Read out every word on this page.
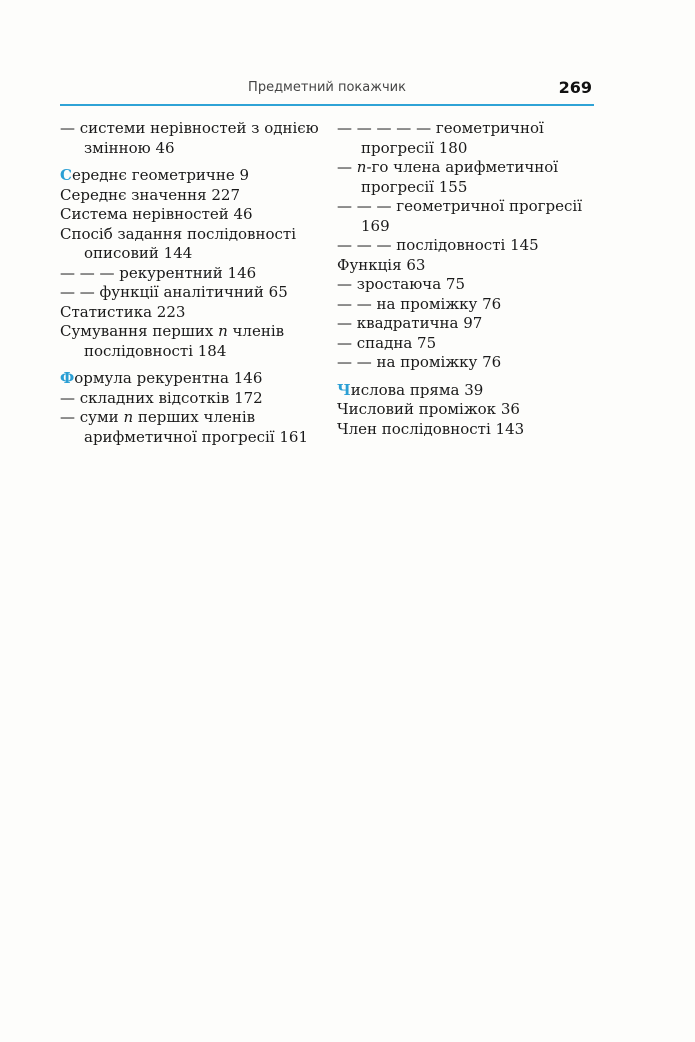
Предметний покажчик	269
— системи нерівностей з однією змінною 46
Середнє геометричне 9
Середнє значення 227
Система нерівностей 46
Спосіб задання послідовності описовий 144
— — — рекурентний 146
— — функції аналітичний 65
Статистика 223
Сумування перших n членів послідовності 184
Формула рекурентна 146
— складних відсотків 172
— суми n перших членів арифметичної прогресії 161
— — — — — геометричної прогресії 180
— n-го члена арифметичної прогресії 155
— — — геометричної прогресії 169
— — — послідовності 145
Функція 63
— зростаюча 75
— — на проміжку 76
— квадратична 97
— спадна 75
— — на проміжку 76
Числова пряма 39
Числовий проміжок 36
Член послідовності 143
